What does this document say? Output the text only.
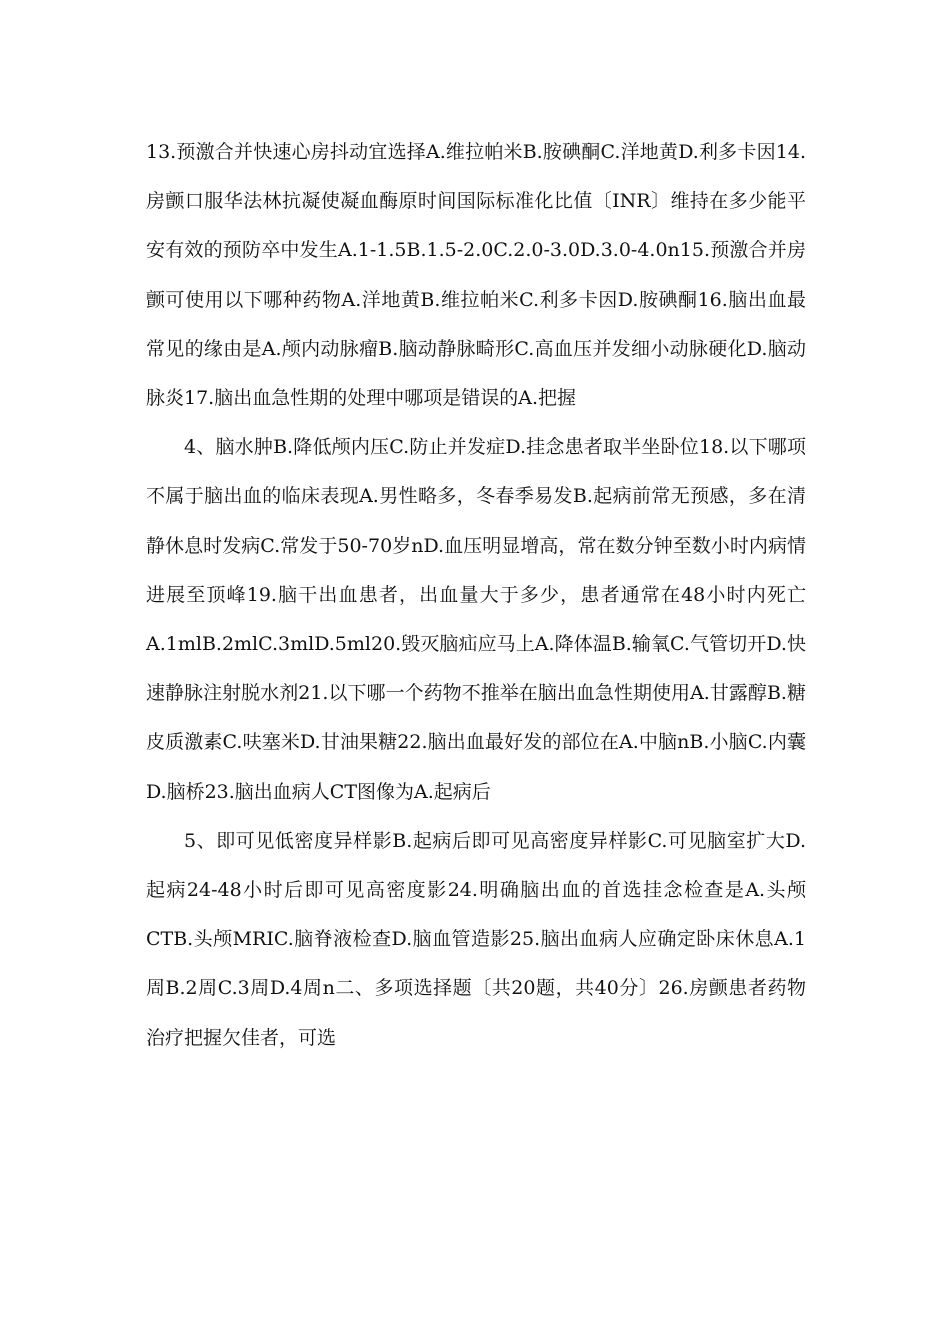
13.预激合并快速心房抖动宜选择A.维拉帕米B.胺碘酮C.洋地黄D.利多卡因14.房颤口服华法林抗凝使凝血酶原时间国际标准化比值〔INR〕维持在多少能平安有效的预防卒中发生A.1-1.5B.1.5-2.0C.2.0-3.0D.3.0-4.0n15.预激合并房颤可使用以下哪种药物A.洋地黄B.维拉帕米C.利多卡因D.胺碘酮16.脑出血最常见的缘由是A.颅内动脉瘤B.脑动静脉畸形C.高血压并发细小动脉硬化D.脑动脉炎17.脑出血急性期的处理中哪项是错误的A.把握

4、脑水肿B.降低颅内压C.防止并发症D.挂念患者取半坐卧位18.以下哪项不属于脑出血的临床表现A.男性略多，冬春季易发B.起病前常无预感，多在清静休息时发病C.常发于50-70岁nD.血压明显增高，常在数分钟至数小时内病情进展至顶峰19.脑干出血患者，出血量大于多少，患者通常在48小时内死亡A.1mlB.2mlC.3mlD.5ml20.毁灭脑疝应马上A.降体温B.输氧C.气管切开D.快速静脉注射脱水剂21.以下哪一个药物不推举在脑出血急性期使用A.甘露醇B.糖皮质激素C.呋塞米D.甘油果糖22.脑出血最好发的部位在A.中脑nB.小脑C.内囊D.脑桥23.脑出血病人CT图像为A.起病后

5、即可见低密度异样影B.起病后即可见高密度异样影C.可见脑室扩大D.起病24-48小时后即可见高密度影24.明确脑出血的首选挂念检查是A.头颅CTB.头颅MRIC.脑脊液检查D.脑血管造影25.脑出血病人应确定卧床休息A.1周B.2周C.3周D.4周n二、多项选择题〔共20题，共40分〕26.房颤患者药物治疗把握欠佳者，可选
